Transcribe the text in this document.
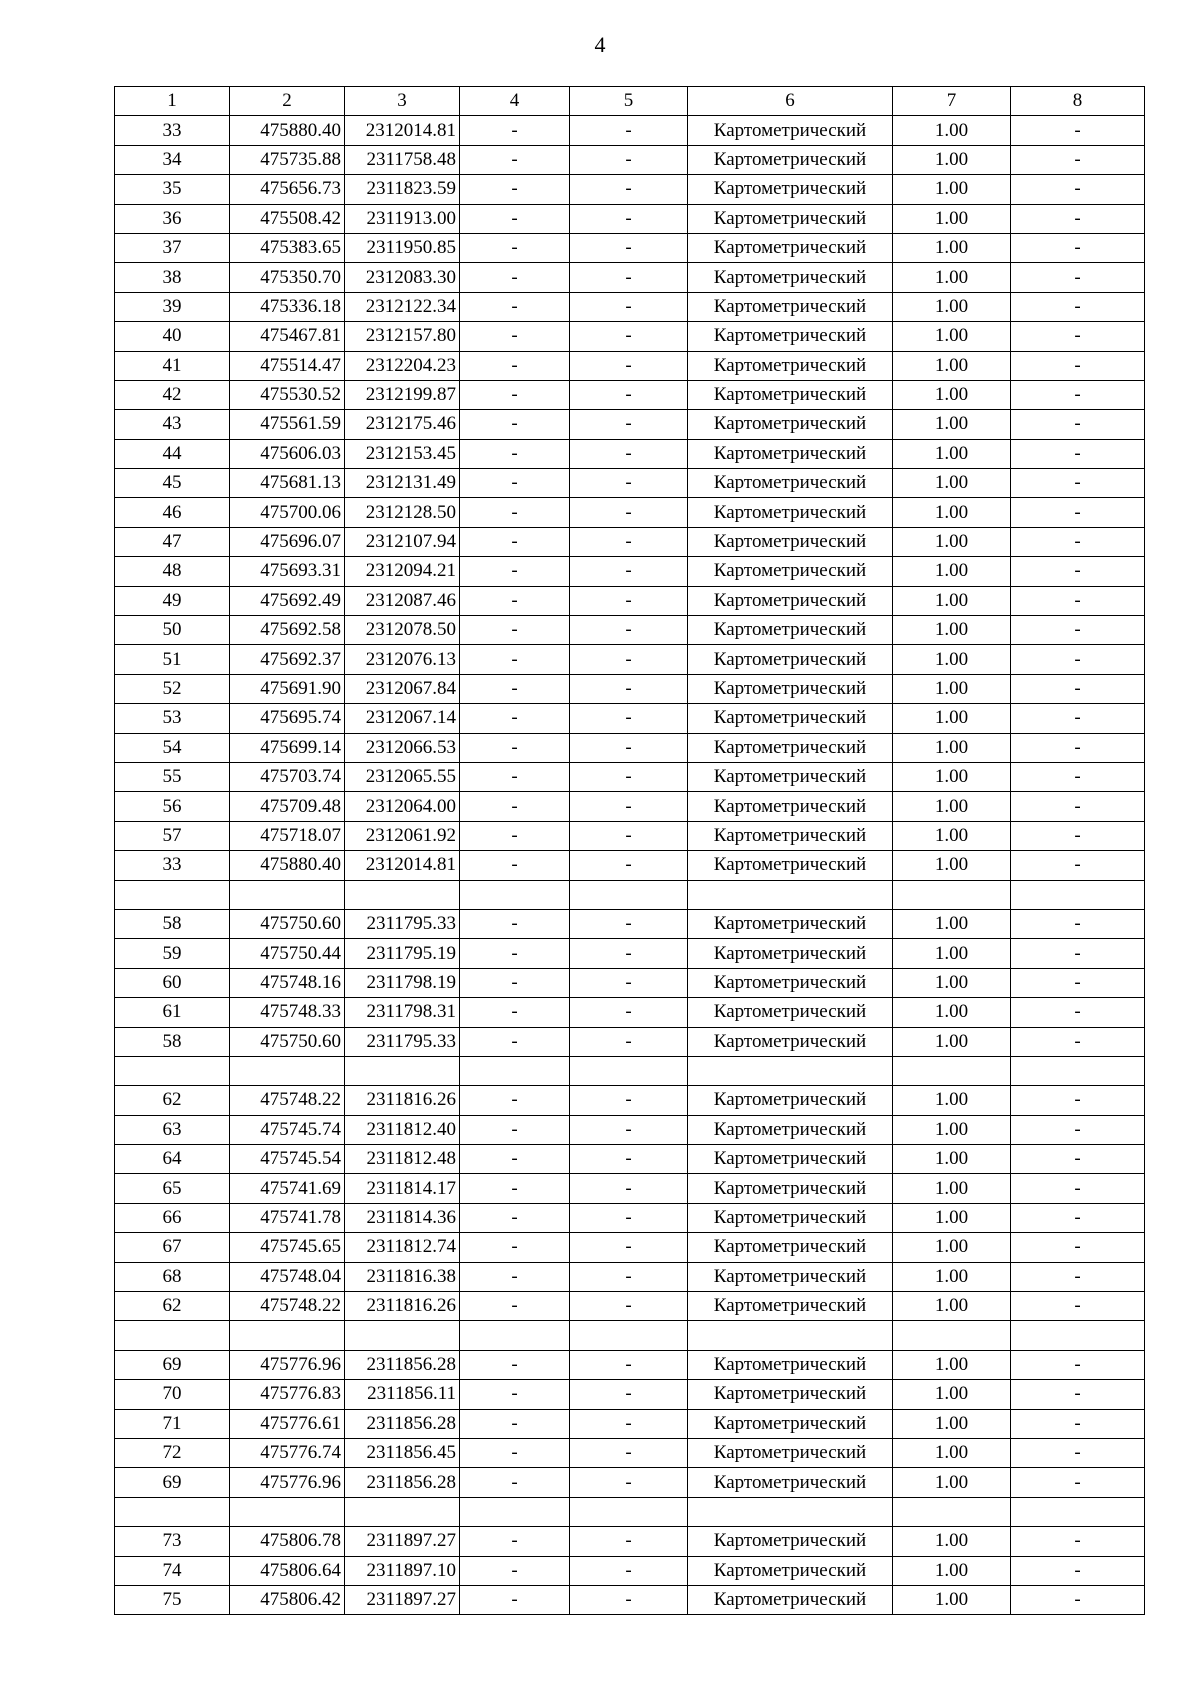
4
1	2	3	4	5	6	7	8
33	475880.40	2312014.81	-	-	Картометрический	1.00	-
34	475735.88	2311758.48	-	-	Картометрический	1.00	-
35	475656.73	2311823.59	-	-	Картометрический	1.00	-
36	475508.42	2311913.00	-	-	Картометрический	1.00	-
37	475383.65	2311950.85	-	-	Картометрический	1.00	-
38	475350.70	2312083.30	-	-	Картометрический	1.00	-
39	475336.18	2312122.34	-	-	Картометрический	1.00	-
40	475467.81	2312157.80	-	-	Картометрический	1.00	-
41	475514.47	2312204.23	-	-	Картометрический	1.00	-
42	475530.52	2312199.87	-	-	Картометрический	1.00	-
43	475561.59	2312175.46	-	-	Картометрический	1.00	-
44	475606.03	2312153.45	-	-	Картометрический	1.00	-
45	475681.13	2312131.49	-	-	Картометрический	1.00	-
46	475700.06	2312128.50	-	-	Картометрический	1.00	-
47	475696.07	2312107.94	-	-	Картометрический	1.00	-
48	475693.31	2312094.21	-	-	Картометрический	1.00	-
49	475692.49	2312087.46	-	-	Картометрический	1.00	-
50	475692.58	2312078.50	-	-	Картометрический	1.00	-
51	475692.37	2312076.13	-	-	Картометрический	1.00	-
52	475691.90	2312067.84	-	-	Картометрический	1.00	-
53	475695.74	2312067.14	-	-	Картометрический	1.00	-
54	475699.14	2312066.53	-	-	Картометрический	1.00	-
55	475703.74	2312065.55	-	-	Картометрический	1.00	-
56	475709.48	2312064.00	-	-	Картометрический	1.00	-
57	475718.07	2312061.92	-	-	Картометрический	1.00	-
33	475880.40	2312014.81	-	-	Картометрический	1.00	-

58	475750.60	2311795.33	-	-	Картометрический	1.00	-
59	475750.44	2311795.19	-	-	Картометрический	1.00	-
60	475748.16	2311798.19	-	-	Картометрический	1.00	-
61	475748.33	2311798.31	-	-	Картометрический	1.00	-
58	475750.60	2311795.33	-	-	Картометрический	1.00	-

62	475748.22	2311816.26	-	-	Картометрический	1.00	-
63	475745.74	2311812.40	-	-	Картометрический	1.00	-
64	475745.54	2311812.48	-	-	Картометрический	1.00	-
65	475741.69	2311814.17	-	-	Картометрический	1.00	-
66	475741.78	2311814.36	-	-	Картометрический	1.00	-
67	475745.65	2311812.74	-	-	Картометрический	1.00	-
68	475748.04	2311816.38	-	-	Картометрический	1.00	-
62	475748.22	2311816.26	-	-	Картометрический	1.00	-

69	475776.96	2311856.28	-	-	Картометрический	1.00	-
70	475776.83	2311856.11	-	-	Картометрический	1.00	-
71	475776.61	2311856.28	-	-	Картометрический	1.00	-
72	475776.74	2311856.45	-	-	Картометрический	1.00	-
69	475776.96	2311856.28	-	-	Картометрический	1.00	-

73	475806.78	2311897.27	-	-	Картометрический	1.00	-
74	475806.64	2311897.10	-	-	Картометрический	1.00	-
75	475806.42	2311897.27	-	-	Картометрический	1.00	-
